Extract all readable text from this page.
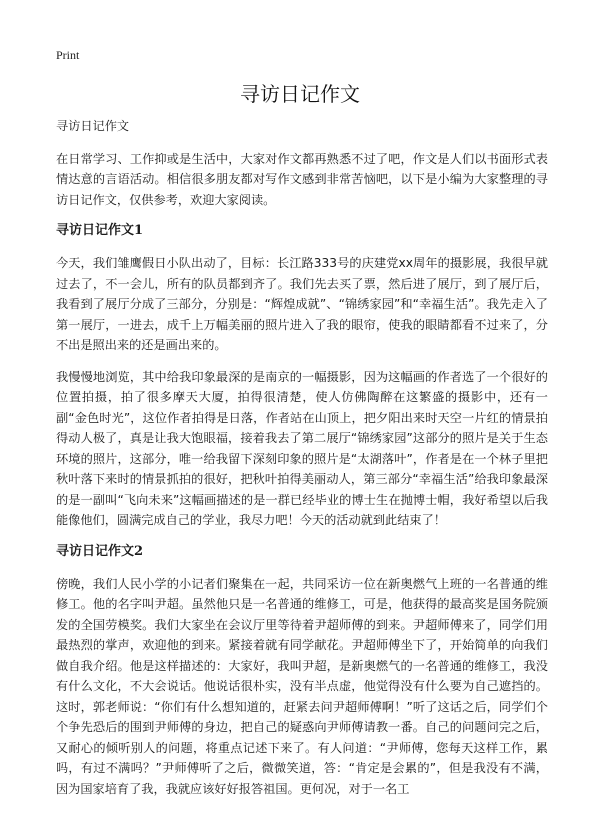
Print
寻访日记作文

寻访日记作文

在日常学习、工作抑或是生活中，大家对作文都再熟悉不过了吧，作文是人们以书面形式表情达意的言语活动。相信很多朋友都对写作文感到非常苦恼吧，以下是小编为大家整理的寻访日记作文，仅供参考，欢迎大家阅读。

寻访日记作文1

今天，我们雏鹰假日小队出动了，目标：长江路333号的庆建党xx周年的摄影展，我很早就过去了，不一会儿，所有的队员都到齐了。我们先去买了票，然后进了展厅，到了展厅后，我看到了展厅分成了三部分，分别是：“辉煌成就”、“锦绣家园”和“幸福生活”。我先走入了第一展厅，一进去，成千上万幅美丽的照片进入了我的眼帘，使我的眼睛都看不过来了，分不出是照出来的还是画出来的。

我慢慢地浏览，其中给我印象最深的是南京的一幅摄影，因为这幅画的作者选了一个很好的位置拍摄，拍了很多摩天大厦，拍得很清楚，使人仿佛陶醉在这繁盛的摄影中，还有一副“金色时光”，这位作者拍得是日落，作者站在山顶上，把夕阳出来时天空一片红的情景拍得动人极了，真是让我大饱眼福，接着我去了第二展厅“锦绣家园”这部分的照片是关于生态环境的照片，这部分，唯一给我留下深刻印象的照片是“太湖落叶”，作者是在一个林子里把秋叶落下来时的情景抓拍的很好，把秋叶拍得美丽动人，第三部分“幸福生活”给我印象最深的是一副叫“飞向未来”这幅画描述的是一群已经毕业的博士生在抛博士帽，我好希望以后我能像他们，圆满完成自己的学业，我尽力吧！今天的活动就到此结束了！

寻访日记作文2

傍晚，我们人民小学的小记者们聚集在一起，共同采访一位在新奥燃气上班的一名普通的维修工。他的名字叫尹超。虽然他只是一名普通的维修工，可是，他获得的最高奖是国务院颁发的全国劳模奖。我们大家坐在会议厅里等待着尹超师傅的到来。尹超师傅来了，同学们用最热烈的掌声，欢迎他的到来。紧接着就有同学献花。尹超师傅坐下了，开始简单的向我们做自我介绍。他是这样描述的：大家好，我叫尹超，是新奥燃气的一名普通的维修工，我没有什么文化，不大会说话。他说话很朴实，没有半点虚，他觉得没有什么要为自己遮挡的。这时，郭老师说：“你们有什么想知道的，赶紧去问尹超师傅啊！”听了这话之后，同学们个个争先恐后的围到尹师傅的身边，把自己的疑惑向尹师傅请教一番。自己的问题问完之后，又耐心的倾听别人的问题，将重点记述下来了。有人问道：“尹师傅，您每天这样工作，累吗，有过不满吗？”尹师傅听了之后，微微笑道，答：“肯定是会累的”，但是我没有不满，因为国家培育了我，我就应该好好报答祖国。更何况，对于一名工
